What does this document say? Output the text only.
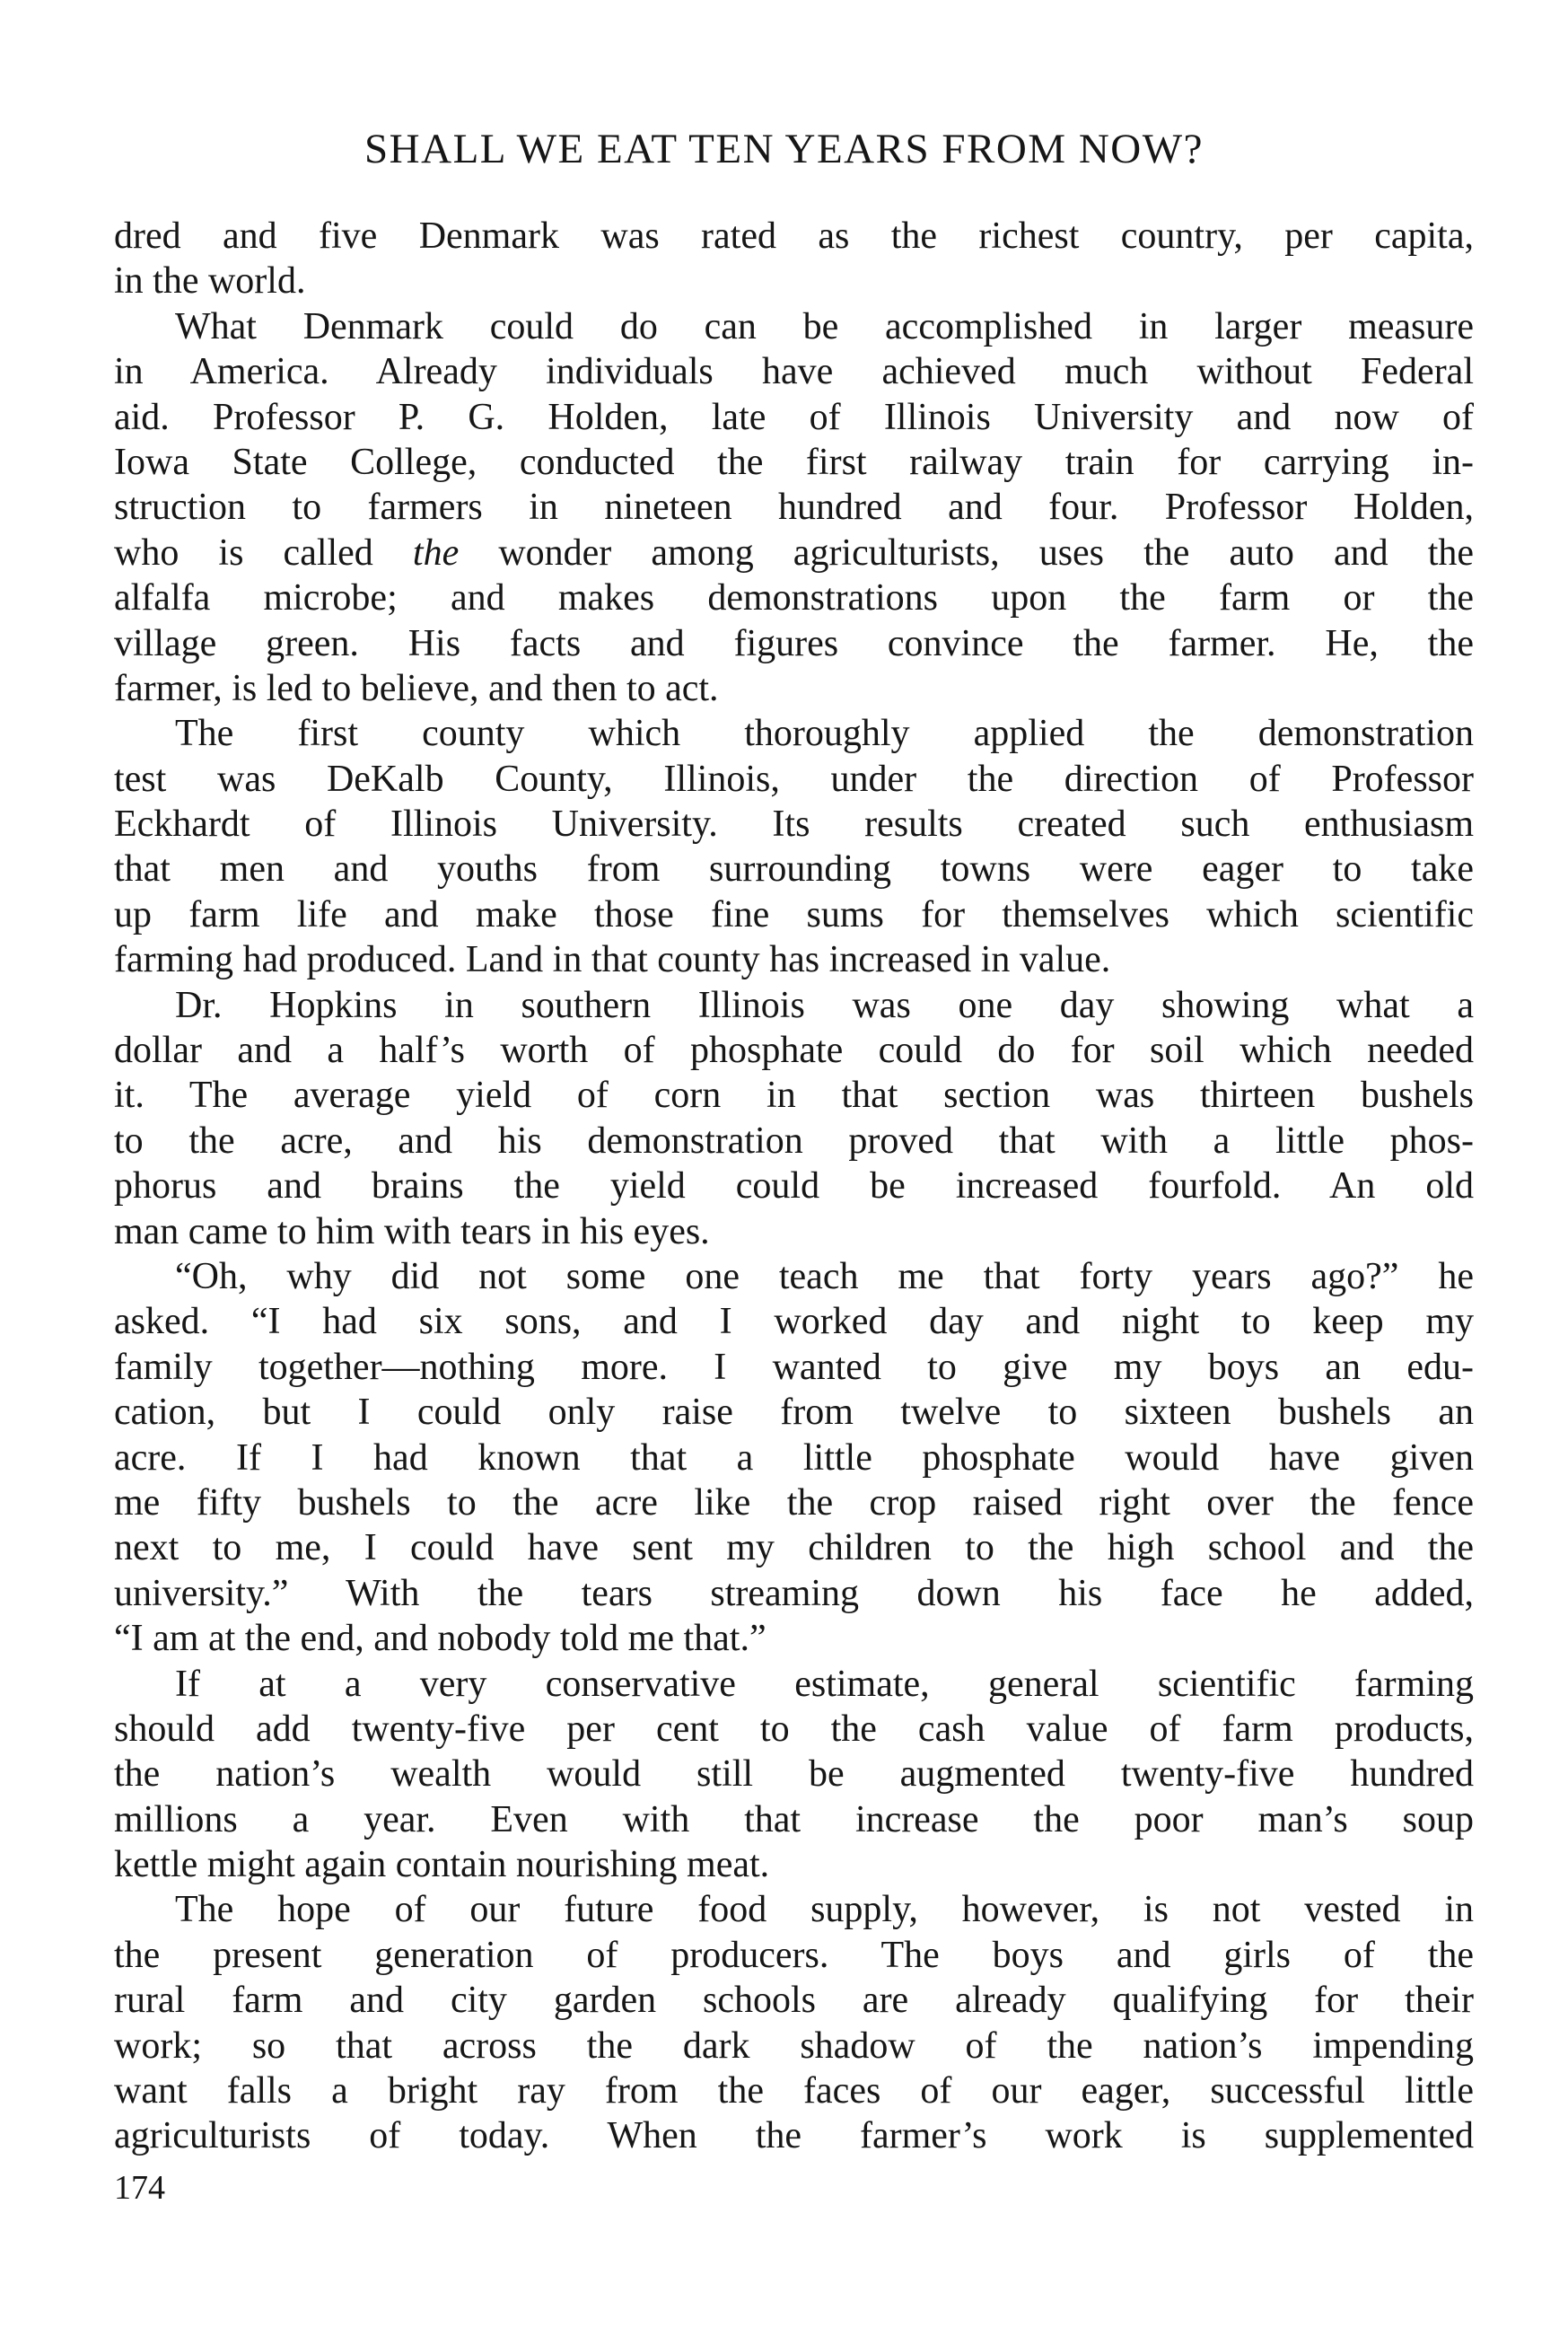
SHALL WE EAT TEN YEARS FROM NOW?
dred and five Denmark was rated as the richest country, per capita,
in the world.
What Denmark could do can be accomplished in larger measure
in America. Already individuals have achieved much without Federal
aid. Professor P. G. Holden, late of Illinois University and now of
Iowa State College, conducted the first railway train for carrying in-
struction to farmers in nineteen hundred and four. Professor Holden,
who is called the wonder among agriculturists, uses the auto and the
alfalfa microbe; and makes demonstrations upon the farm or the
village green. His facts and figures convince the farmer. He, the
farmer, is led to believe, and then to act.
The first county which thoroughly applied the demonstration
test was DeKalb County, Illinois, under the direction of Professor
Eckhardt of Illinois University. Its results created such enthusiasm
that men and youths from surrounding towns were eager to take
up farm life and make those fine sums for themselves which scientific
farming had produced. Land in that county has increased in value.
Dr. Hopkins in southern Illinois was one day showing what a
dollar and a half’s worth of phosphate could do for soil which needed
it. The average yield of corn in that section was thirteen bushels
to the acre, and his demonstration proved that with a little phos-
phorus and brains the yield could be increased fourfold. An old
man came to him with tears in his eyes.
“Oh, why did not some one teach me that forty years ago?” he
asked. “I had six sons, and I worked day and night to keep my
family together—nothing more. I wanted to give my boys an edu-
cation, but I could only raise from twelve to sixteen bushels an
acre. If I had known that a little phosphate would have given
me fifty bushels to the acre like the crop raised right over the fence
next to me, I could have sent my children to the high school and the
university.” With the tears streaming down his face he added,
“I am at the end, and nobody told me that.”
If at a very conservative estimate, general scientific farming
should add twenty-five per cent to the cash value of farm products,
the nation’s wealth would still be augmented twenty-five hundred
millions a year. Even with that increase the poor man’s soup
kettle might again contain nourishing meat.
The hope of our future food supply, however, is not vested in
the present generation of producers. The boys and girls of the
rural farm and city garden schools are already qualifying for their
work; so that across the dark shadow of the nation’s impending
want falls a bright ray from the faces of our eager, successful little
agriculturists of today. When the farmer’s work is supplemented
174
